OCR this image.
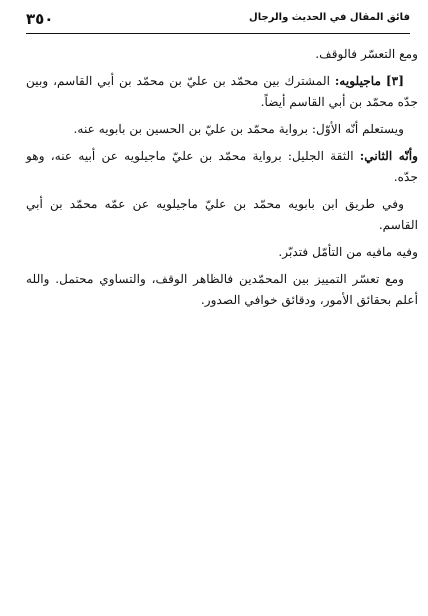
٣٥٠	فائق المقال في الحديث والرجال

ومع التعسّر فالوقف.

[٣] ماجيلويه: المشترك بين محمّد بن عليّ بن محمّد بن أبي القاسم، وبين جدّه محمّد بن أبي القاسم أيضاً.

ويستعلم أنّه الأوّل: برواية محمّد بن عليّ بن الحسين بن بابويه عنه.

وأنّه الثاني: الثقة الجليل: برواية محمّد بن عليّ ماجيلويه عن أبيه عنه، وهو جدّه.

وفي طريق ابن بابويه محمّد بن عليّ ماجيلويه عن عمّه محمّد بن أبي القاسم.

وفيه مافيه من التأمّل فتدبّر.

ومع تعسّر التمييز بين المحمّدين فالظاهر الوقف، والتساوي محتمل. والله أعلم بحقائق الأمور، ودقائق خوافي الصدور.
